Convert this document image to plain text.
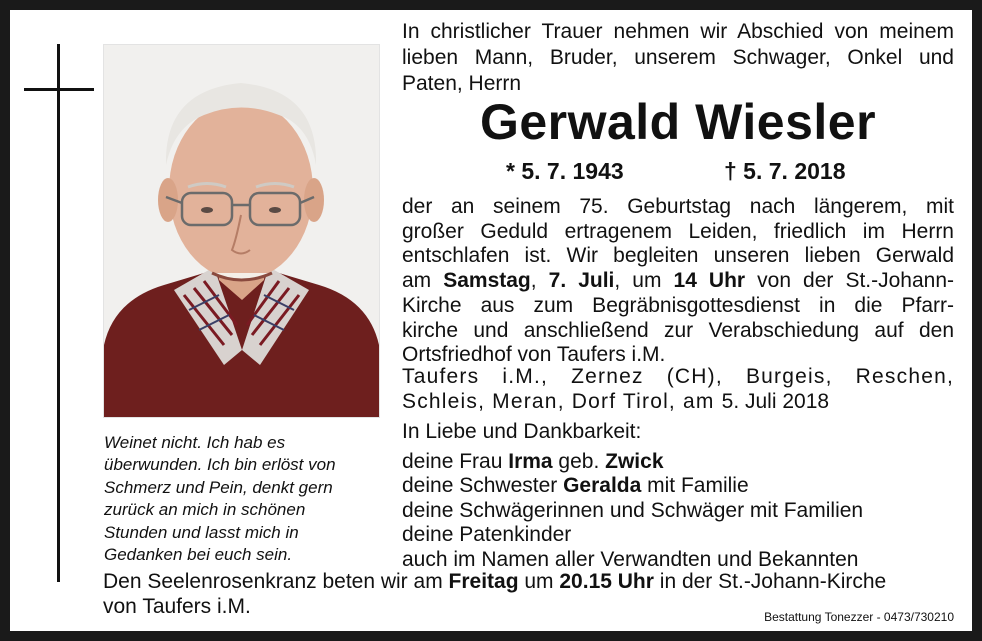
Weinet nicht. Ich hab es
überwunden. Ich bin erlöst von
Schmerz und Pein, denkt gern
zurück an mich in schönen
Stunden und lasst mich in
Gedanken bei euch sein.
In christlicher Trauer nehmen wir Abschied von meinem
lieben Mann, Bruder, unserem Schwager, Onkel und
Paten, Herrn
Gerwald Wiesler
* 5. 7. 1943	† 5. 7. 2018
der an seinem 75. Geburtstag nach längerem, mit
großer Geduld ertragenem Leiden, friedlich im Herrn
entschlafen ist. Wir begleiten unseren lieben Gerwald
am Samstag, 7. Juli, um 14 Uhr von der St.-Johann-
Kirche aus zum Begräbnisgottesdienst in die Pfarr-
kirche und anschließend zur Verabschiedung auf den
Ortsfriedhof von Taufers i.M.
Taufers i.M., Zernez (CH), Burgeis, Reschen,
Schleis, Meran, Dorf Tirol, am 5. Juli 2018
In Liebe und Dankbarkeit:
deine Frau Irma geb. Zwick
deine Schwester Geralda mit Familie
deine Schwägerinnen und Schwäger mit Familien
deine Patenkinder
auch im Namen aller Verwandten und Bekannten
Den Seelenrosenkranz beten wir am Freitag um 20.15 Uhr in der St.-Johann-Kirche
von Taufers i.M.	Bestattung Tonezzer - 0473/730210
